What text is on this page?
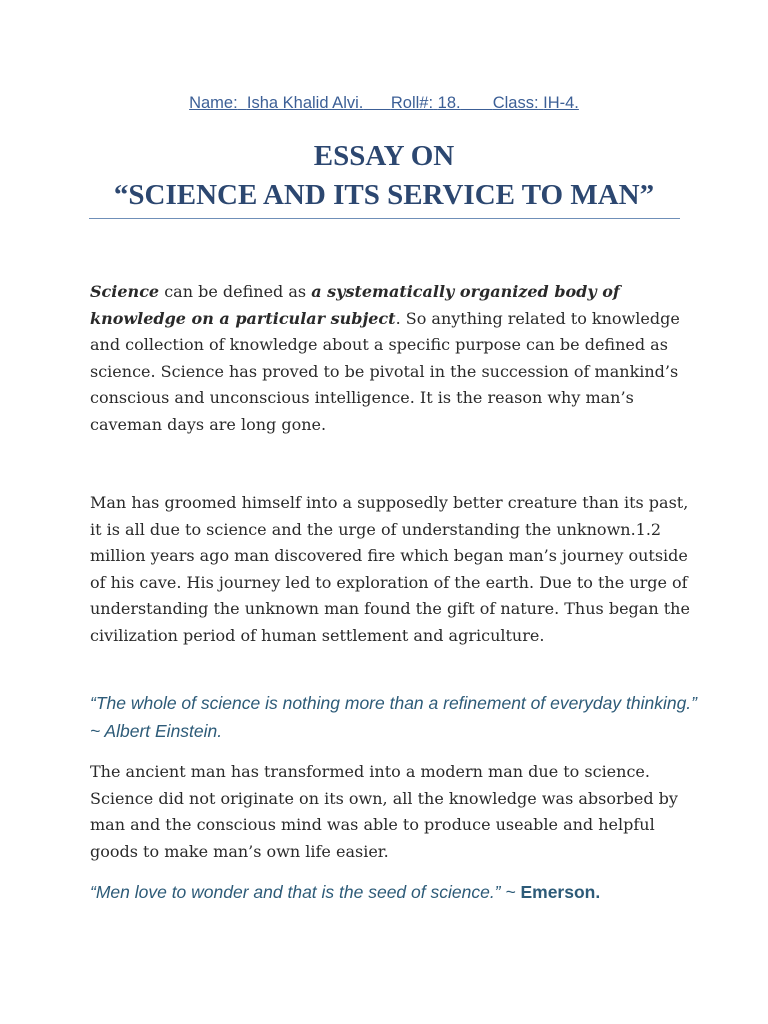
Name: Isha Khalid Alvi. Roll#: 18. Class: IH-4.
ESSAY ON
“SCIENCE AND ITS SERVICE TO MAN”

Science can be defined as a systematically organized body of knowledge on a particular subject. So anything related to knowledge and collection of knowledge about a specific purpose can be defined as science. Science has proved to be pivotal in the succession of mankind’s conscious and unconscious intelligence. It is the reason why man’s caveman days are long gone.

Man has groomed himself into a supposedly better creature than its past, it is all due to science and the urge of understanding the unknown.1.2 million years ago man discovered fire which began man’s journey outside of his cave. His journey led to exploration of the earth. Due to the urge of understanding the unknown man found the gift of nature. Thus began the civilization period of human settlement and agriculture.

“The whole of science is nothing more than a refinement of everyday thinking.” ~ Albert Einstein.

The ancient man has transformed into a modern man due to science. Science did not originate on its own, all the knowledge was absorbed by man and the conscious mind was able to produce useable and helpful goods to make man’s own life easier.

“Men love to wonder and that is the seed of science.” ~ Emerson.
